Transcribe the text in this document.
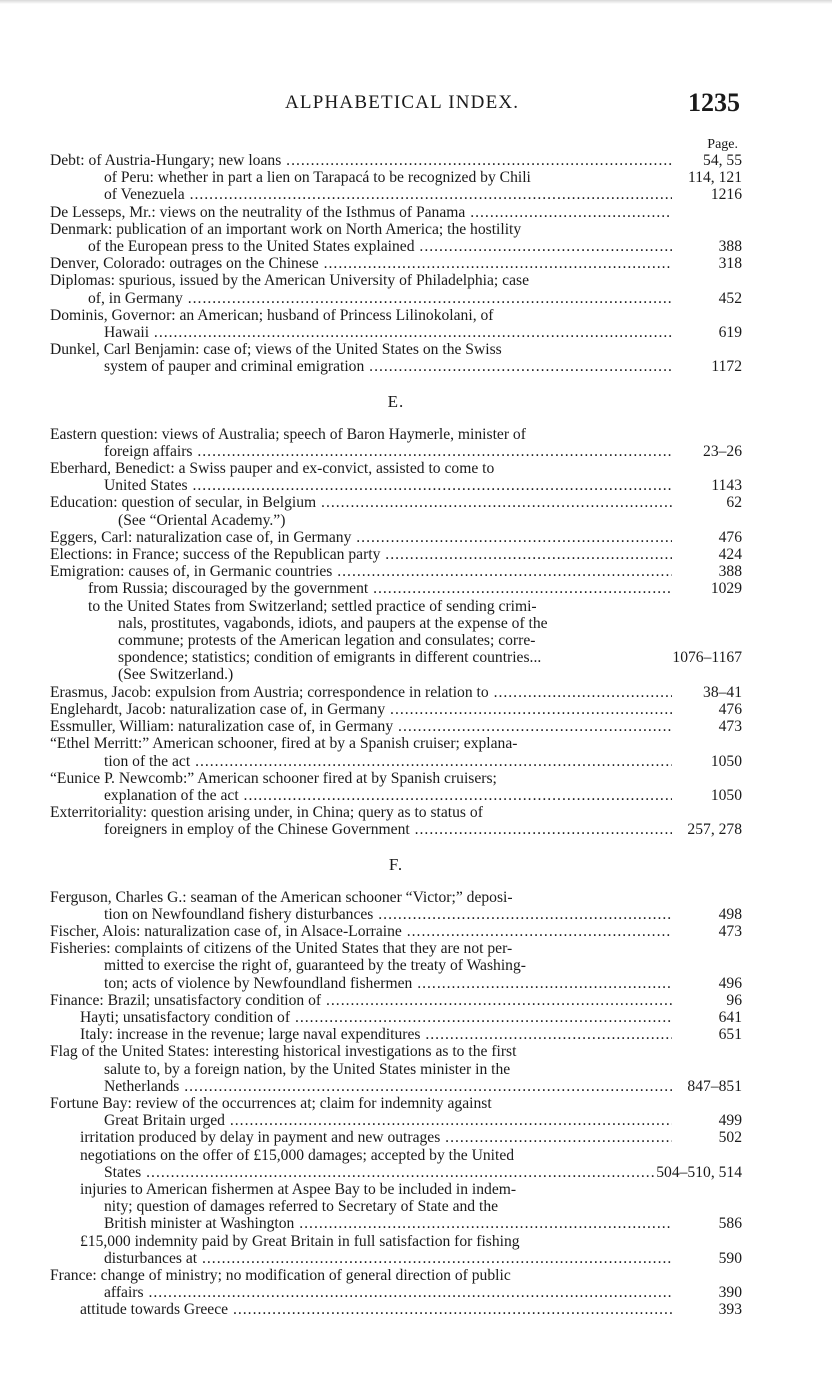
ALPHABETICAL INDEX.	1235
Page.
Debt: of Austria-Hungary; new loans .....	54, 55
of Peru: whether in part a lien on Tarapacá to be recognized by Chili	114, 121
of Venezuela .....	1216
De Lesseps, Mr.: views on the neutrality of the Isthmus of Panama .....
Denmark: publication of an important work on North America; the hostility
of the European press to the United States explained .....	388
Denver, Colorado: outrages on the Chinese .....	318
Diplomas: spurious, issued by the American University of Philadelphia; case
of, in Germany .....	452
Dominis, Governor: an American; husband of Princess Lilinokolani, of
Hawaii .....	619
Dunkel, Carl Benjamin: case of; views of the United States on the Swiss
system of pauper and criminal emigration .....	1172
E.
Eastern question: views of Australia; speech of Baron Haymerle, minister of
foreign affairs .....	23–26
Eberhard, Benedict: a Swiss pauper and ex-convict, assisted to come to
United States .....	1143
Education: question of secular, in Belgium .....	62
(See “Oriental Academy.”)
Eggers, Carl: naturalization case of, in Germany .....	476
Elections: in France; success of the Republican party .....	424
Emigration: causes of, in Germanic countries .....	388
from Russia; discouraged by the government .....	1029
to the United States from Switzerland; settled practice of sending crimi-
nals, prostitutes, vagabonds, idiots, and paupers at the expense of the
commune; protests of the American legation and consulates; corre-
spondence; statistics; condition of emigrants in different countries...	1076–1167
(See Switzerland.)
Erasmus, Jacob: expulsion from Austria; correspondence in relation to .....	38–41
Englehardt, Jacob: naturalization case of, in Germany .....	476
Essmuller, William: naturalization case of, in Germany .....	473
“Ethel Merritt:” American schooner, fired at by a Spanish cruiser; explana-
tion of the act .....	1050
“Eunice P. Newcomb:” American schooner fired at by Spanish cruisers;
explanation of the act .....	1050
Exterritoriality: question arising under, in China; query as to status of
foreigners in employ of the Chinese Government .....	257, 278
F.
Ferguson, Charles G.: seaman of the American schooner “Victor;” deposi-
tion on Newfoundland fishery disturbances .....	498
Fischer, Alois: naturalization case of, in Alsace-Lorraine .....	473
Fisheries: complaints of citizens of the United States that they are not per-
mitted to exercise the right of, guaranteed by the treaty of Washing-
ton; acts of violence by Newfoundland fishermen .....	496
Finance: Brazil; unsatisfactory condition of .....	96
Hayti; unsatisfactory condition of .....	641
Italy: increase in the revenue; large naval expenditures .....	651
Flag of the United States: interesting historical investigations as to the first
salute to, by a foreign nation, by the United States minister in the
Netherlands .....	847–851
Fortune Bay: review of the occurrences at; claim for indemnity against
Great Britain urged .....	499
irritation produced by delay in payment and new outrages .....	502
negotiations on the offer of £15,000 damages; accepted by the United
States .....	504–510, 514
injuries to American fishermen at Aspee Bay to be included in indem-
nity; question of damages referred to Secretary of State and the
British minister at Washington .....	586
£15,000 indemnity paid by Great Britain in full satisfaction for fishing
disturbances at .....	590
France: change of ministry; no modification of general direction of public
affairs .....	390
attitude towards Greece .....	393
